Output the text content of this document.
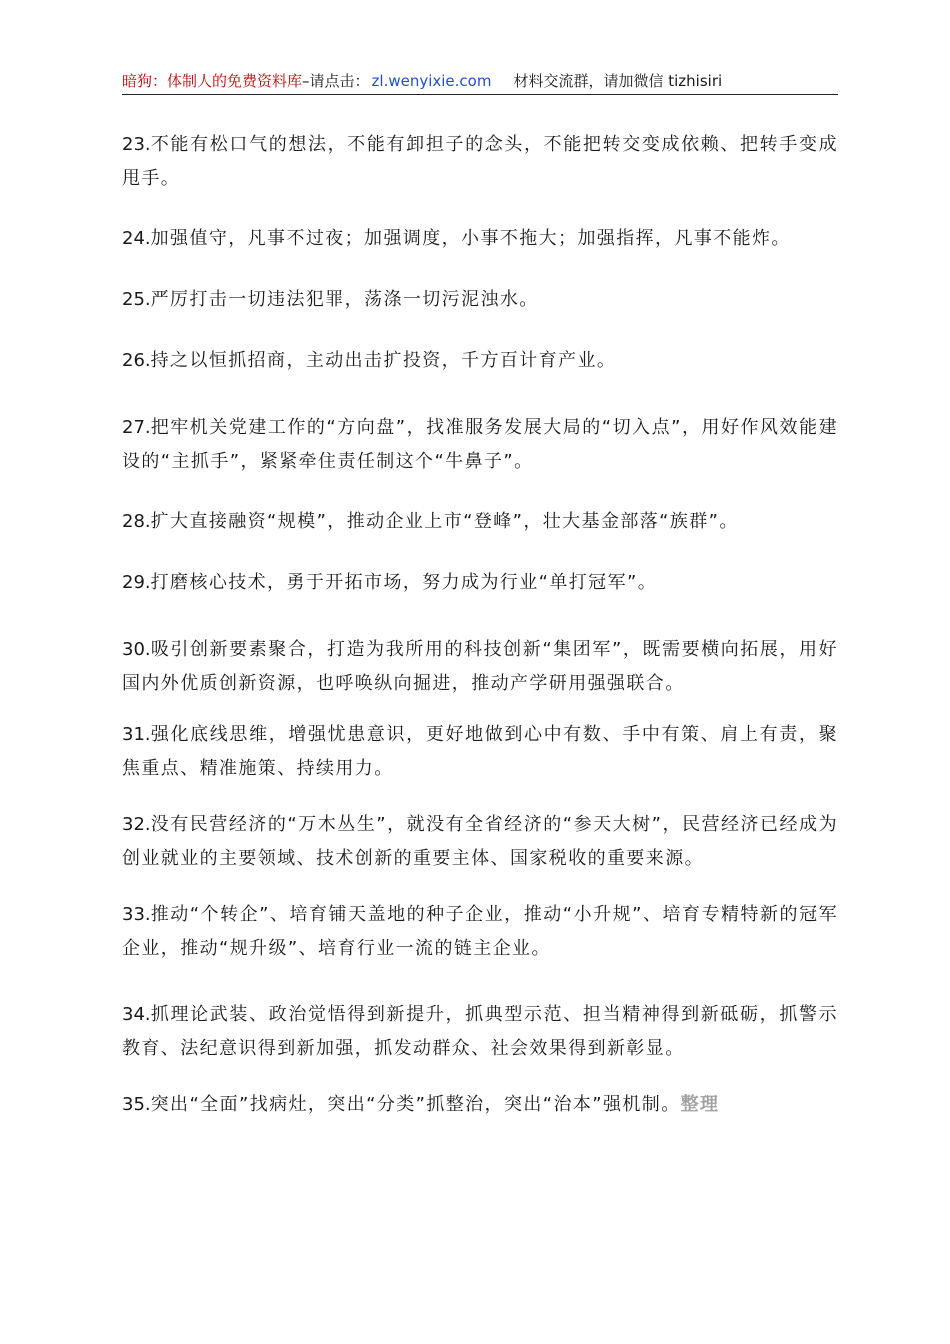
暗狗：体制人的免费资料库–请点击： zl.wenyixie.com 材料交流群，请加微信 tizhisiri

23.不能有松口气的想法，不能有卸担子的念头，不能把转交变成依赖、把转手变成甩手。

24.加强值守，凡事不过夜；加强调度，小事不拖大；加强指挥，凡事不能炸。

25.严厉打击一切违法犯罪，荡涤一切污泥浊水。

26.持之以恒抓招商，主动出击扩投资，千方百计育产业。

27.把牢机关党建工作的“方向盘”，找准服务发展大局的“切入点”，用好作风效能建设的“主抓手”，紧紧牵住责任制这个“牛鼻子”。

28.扩大直接融资“规模”，推动企业上市“登峰”，壮大基金部落“族群”。

29.打磨核心技术，勇于开拓市场，努力成为行业“单打冠军”。

30.吸引创新要素聚合，打造为我所用的科技创新“集团军”，既需要横向拓展，用好国内外优质创新资源，也呼唤纵向掘进，推动产学研用强强联合。

31.强化底线思维，增强忧患意识，更好地做到心中有数、手中有策、肩上有责，聚焦重点、精准施策、持续用力。

32.没有民营经济的“万木丛生”，就没有全省经济的“参天大树”，民营经济已经成为创业就业的主要领域、技术创新的重要主体、国家税收的重要来源。

33.推动“个转企”、培育铺天盖地的种子企业，推动“小升规”、培育专精特新的冠军企业，推动“规升级”、培育行业一流的链主企业。

34.抓理论武装、政治觉悟得到新提升，抓典型示范、担当精神得到新砥砺，抓警示教育、法纪意识得到新加强，抓发动群众、社会效果得到新彰显。

35.突出“全面”找病灶，突出“分类”抓整治，突出“治本”强机制。整理
